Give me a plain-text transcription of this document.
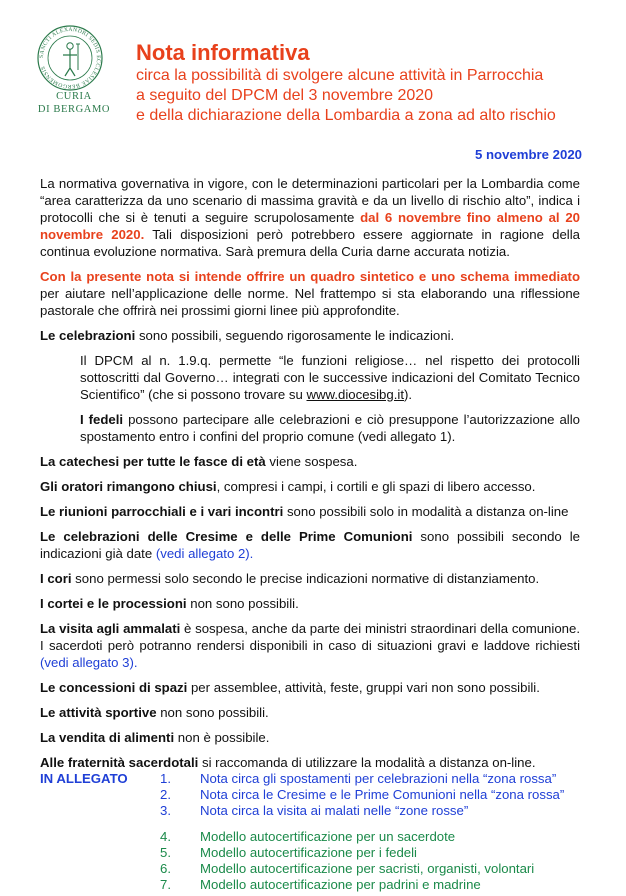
SANCTI ALEXANDRI SEDIS ECCLESIAE BERGOMENSIS
CURIA
DI BERGAMO
Nota informativa
circa la possibilità di svolgere alcune attività in Parrocchia
a seguito del DPCM del 3 novembre 2020
e della dichiarazione della Lombardia a zona ad alto rischio
5 novembre 2020

La normativa governativa in vigore, con le determinazioni particolari per la Lombardia come “area caratterizza da uno scenario di massima gravità e da un livello di rischio alto”, indica i protocolli che si è tenuti a seguire scrupolosamente dal 6 novembre fino almeno al 20 novembre 2020. Tali disposizioni però potrebbero essere aggiornate in ragione della continua evoluzione normativa. Sarà premura della Curia darne accurata notizia.

Con la presente nota si intende offrire un quadro sintetico e uno schema immediato per aiutare nell’applicazione delle norme. Nel frattempo si sta elaborando una riflessione pastorale che offrirà nei prossimi giorni linee più approfondite.

Le celebrazioni sono possibili, seguendo rigorosamente le indicazioni.

Il DPCM al n. 1.9.q. permette “le funzioni religiose… nel rispetto dei protocolli sottoscritti dal Governo… integrati con le successive indicazioni del Comitato Tecnico Scientifico” (che si possono trovare su www.diocesibg.it).

I fedeli possono partecipare alle celebrazioni e ciò presuppone l’autorizzazione allo spostamento entro i confini del proprio comune (vedi allegato 1).

La catechesi per tutte le fasce di età viene sospesa.

Gli oratori rimangono chiusi, compresi i campi, i cortili e gli spazi di libero accesso.

Le riunioni parrocchiali e i vari incontri sono possibili solo in modalità a distanza on-line

Le celebrazioni delle Cresime e delle Prime Comunioni sono possibili secondo le indicazioni già date (vedi allegato 2).

I cori sono permessi solo secondo le precise indicazioni normative di distanziamento.

I cortei e le processioni non sono possibili.

La visita agli ammalati è sospesa, anche da parte dei ministri straordinari della comunione. I sacerdoti però potranno rendersi disponibili in caso di situazioni gravi e laddove richiesti (vedi allegato 3).

Le concessioni di spazi per assemblee, attività, feste, gruppi vari non sono possibili.

Le attività sportive non sono possibili.

La vendita di alimenti non è possibile.

Alle fraternità sacerdotali si raccomanda di utilizzare la modalità a distanza on-line.

IN ALLEGATO 1.	Nota circa gli spostamenti per celebrazioni nella “zona rossa”
2.	Nota circa le Cresime e le Prime Comunioni nella “zona rossa”
3.	Nota circa la visita ai malati nelle “zone rosse”
4.	Modello autocertificazione per un sacerdote
5.	Modello autocertificazione per i fedeli
6.	Modello autocertificazione per sacristi, organisti, volontari
7.	Modello autocertificazione per padrini e madrine
